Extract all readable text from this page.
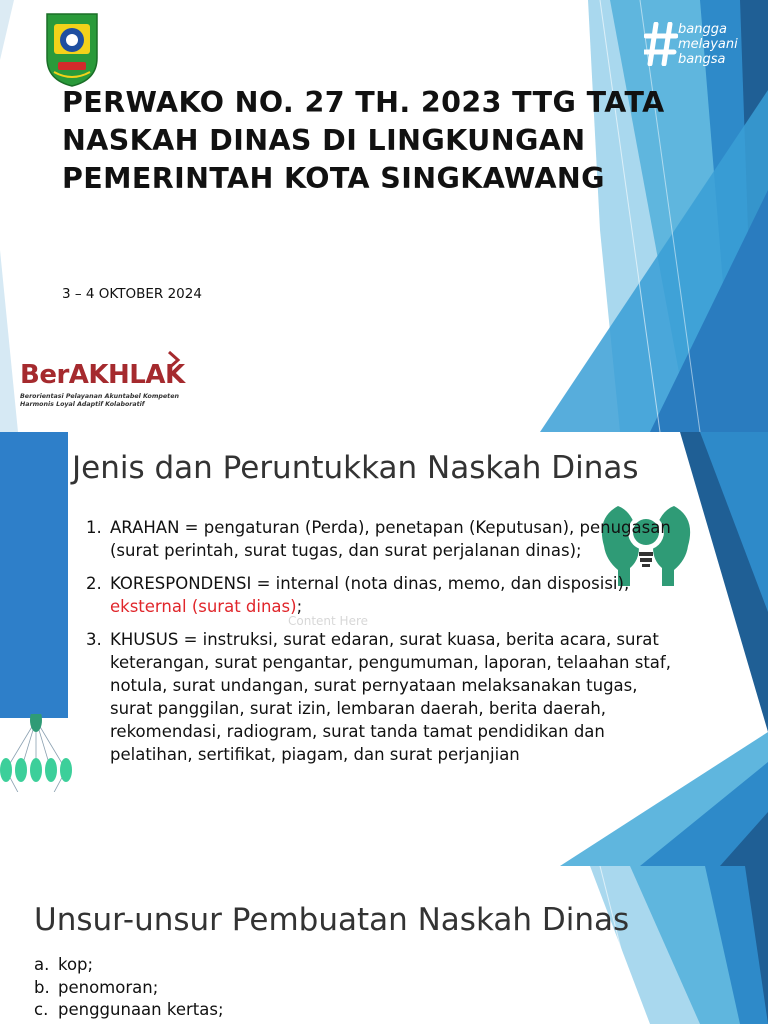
bangga
melayani
bangsa
PERWAKO NO. 27 TH. 2023 TTG TATA NASKAH DINAS DI LINGKUNGAN PEMERINTAH KOTA SINGKAWANG
3 – 4 OKTOBER 2024
BerAKHLAK
Berorientasi Pelayanan Akuntabel Kompeten
Harmonis Loyal Adaptif Kolaboratif
Jenis dan Peruntukkan Naskah Dinas
1. ARAHAN = pengaturan (Perda), penetapan (Keputusan), penugasan (surat perintah, surat tugas, dan surat perjalanan dinas);
2. KORESPONDENSI = internal (nota dinas, memo, dan disposisi), eksternal (surat dinas);
3. KHUSUS = instruksi, surat edaran, surat kuasa, berita acara, surat keterangan, surat pengantar, pengumuman, laporan, telaahan staf, notula, surat undangan, surat pernyataan melaksanakan tugas, surat panggilan, surat izin, lembaran daerah, berita daerah, rekomendasi, radiogram, surat tanda tamat pendidikan dan pelatihan, sertifikat, piagam, dan surat perjanjian
Content Here
Unsur-unsur Pembuatan Naskah Dinas
a. kop;
b. penomoran;
c. penggunaan kertas;
